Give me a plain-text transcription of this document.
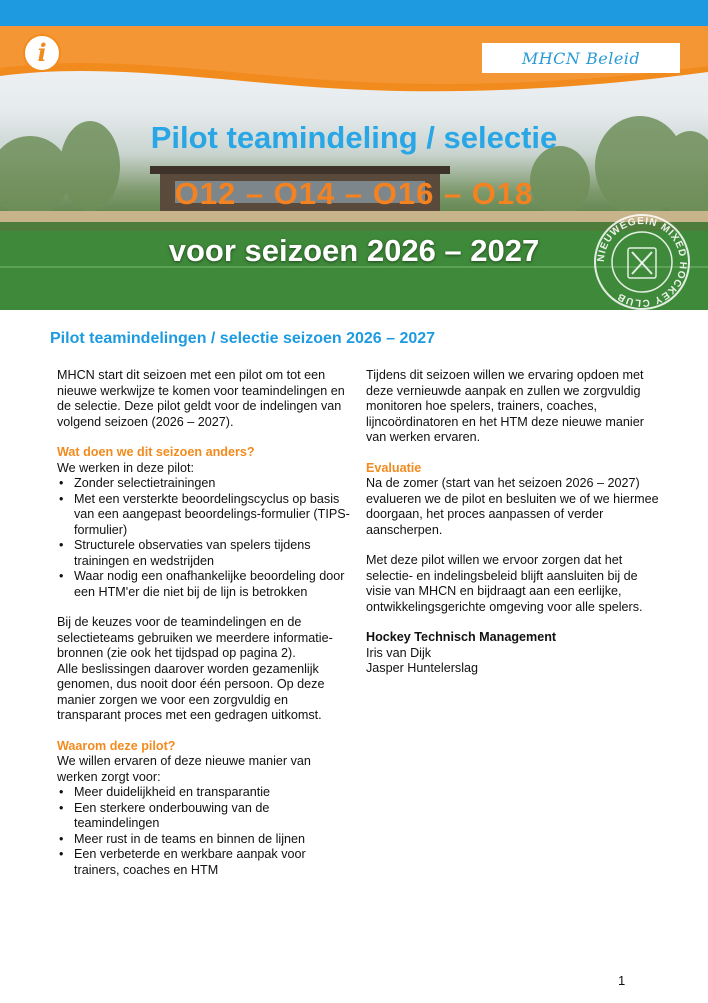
i	MHCN Beleid
Pilot teamindeling / selectie
O12 – O14 – O16 – O18
voor seizoen 2026 – 2027	NIEUWEGEIN MIXED HOCKEY CLUB
Pilot teamindelingen / selectie seizoen 2026 – 2027

MHCN start dit seizoen met een pilot om tot een nieuwe werkwijze te komen voor teamindelingen en de selectie. Deze pilot geldt voor de indelingen van volgend seizoen (2026 – 2027).

Wat doen we dit seizoen anders?

We werken in deze pilot:

• Zonder selectietrainingen
• Met een versterkte beoordelingscyclus op basis van een aangepast beoordelings-formulier (TIPS-formulier)
• Structurele observaties van spelers tijdens trainingen en wedstrijden
• Waar nodig een onafhankelijke beoordeling door een HTM'er die niet bij de lijn is betrokken

Bij de keuzes voor de teamindelingen en de selectieteams gebruiken we meerdere informatie-bronnen (zie ook het tijdspad op pagina 2).

Alle beslissingen daarover worden gezamenlijk genomen, dus nooit door één persoon. Op deze manier zorgen we voor een zorgvuldig en transparant proces met een gedragen uitkomst.

Waarom deze pilot?

We willen ervaren of deze nieuwe manier van werken zorgt voor:

• Meer duidelijkheid en transparantie
• Een sterkere onderbouwing van de teamindelingen
• Meer rust in de teams en binnen de lijnen
• Een verbeterde en werkbare aanpak voor trainers, coaches en HTM

Tijdens dit seizoen willen we ervaring opdoen met deze vernieuwde aanpak en zullen we zorgvuldig monitoren hoe spelers, trainers, coaches, lijncoördinatoren en het HTM deze nieuwe manier van werken ervaren.

Evaluatie

Na de zomer (start van het seizoen 2026 – 2027) evalueren we de pilot en besluiten we of we hiermee doorgaan, het proces aanpassen of verder aanscherpen.

Met deze pilot willen we ervoor zorgen dat het selectie- en indelingsbeleid blijft aansluiten bij de visie van MHCN en bijdraagt aan een eerlijke, ontwikkelingsgerichte omgeving voor alle spelers.

Hockey Technisch Management

Iris van Dijk

Jasper Huntelerslag

1
